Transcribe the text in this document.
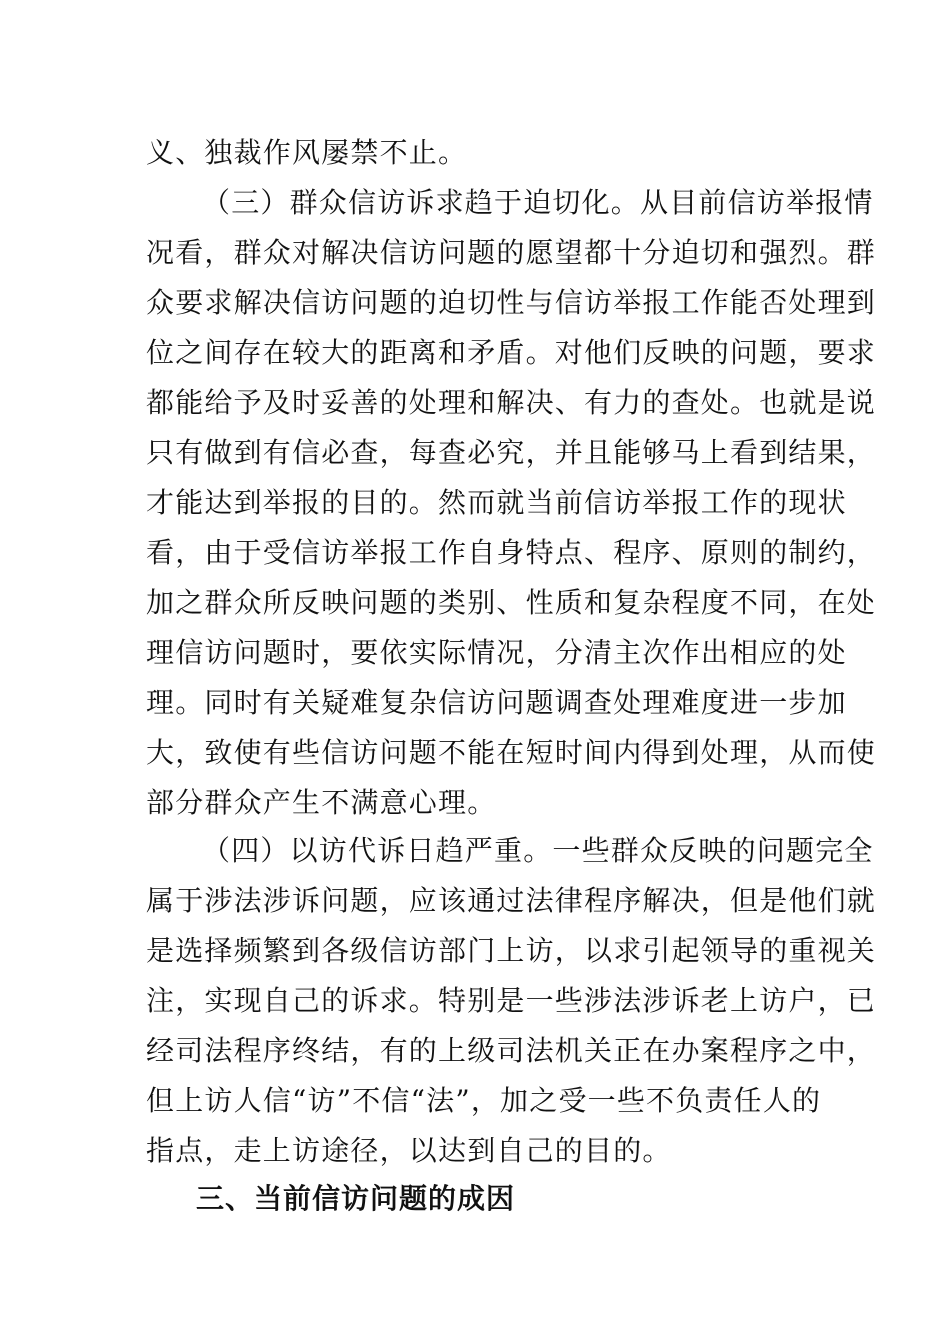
义、独裁作风屡禁不止。
（三）群众信访诉求趋于迫切化。从目前信访举报情
况看，群众对解决信访问题的愿望都十分迫切和强烈。群
众要求解决信访问题的迫切性与信访举报工作能否处理到
位之间存在较大的距离和矛盾。对他们反映的问题，要求
都能给予及时妥善的处理和解决、有力的查处。也就是说
只有做到有信必查，每查必究，并且能够马上看到结果，
才能达到举报的目的。然而就当前信访举报工作的现状
看，由于受信访举报工作自身特点、程序、原则的制约，
加之群众所反映问题的类别、性质和复杂程度不同，在处
理信访问题时，要依实际情况，分清主次作出相应的处
理。同时有关疑难复杂信访问题调查处理难度进一步加
大，致使有些信访问题不能在短时间内得到处理，从而使
部分群众产生不满意心理。
（四）以访代诉日趋严重。一些群众反映的问题完全
属于涉法涉诉问题，应该通过法律程序解决，但是他们就
是选择频繁到各级信访部门上访，以求引起领导的重视关
注，实现自己的诉求。特别是一些涉法涉诉老上访户，已
经司法程序终结，有的上级司法机关正在办案程序之中，
但上访人信“访”不信“法”，加之受一些不负责任人的
指点，走上访途径，以达到自己的目的。
三、当前信访问题的成因
